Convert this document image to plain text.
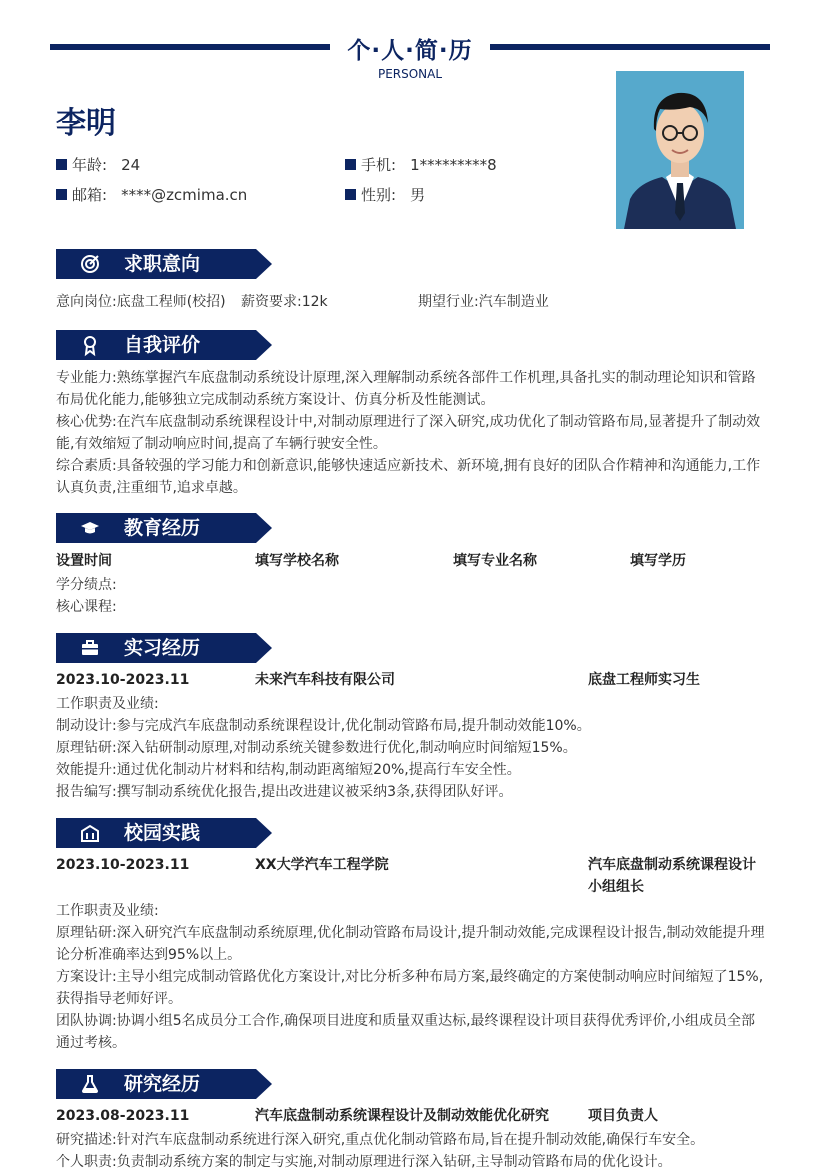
个·人·简·历
PERSONAL
李明
年龄: 24	手机: 1*********8
邮箱: ****@zcmima.cn	性别: 男
求职意向
意向岗位:底盘工程师(校招) 薪资要求:12k	期望行业:汽车制造业
自我评价
专业能力:熟练掌握汽车底盘制动系统设计原理,深入理解制动系统各部件工作机理,具备扎实的制动理论知识和管路布局优化能力,能够独立完成制动系统方案设计、仿真分析及性能测试。
核心优势:在汽车底盘制动系统课程设计中,对制动原理进行了深入研究,成功优化了制动管路布局,显著提升了制动效能,有效缩短了制动响应时间,提高了车辆行驶安全性。
综合素质:具备较强的学习能力和创新意识,能够快速适应新技术、新环境,拥有良好的团队合作精神和沟通能力,工作认真负责,注重细节,追求卓越。
教育经历
设置时间	填写学校名称	填写专业名称	填写学历
学分绩点:
核心课程:
实习经历
2023.10-2023.11	未来汽车科技有限公司	底盘工程师实习生
工作职责及业绩:
制动设计:参与完成汽车底盘制动系统课程设计,优化制动管路布局,提升制动效能10%。
原理钻研:深入钻研制动原理,对制动系统关键参数进行优化,制动响应时间缩短15%。
效能提升:通过优化制动片材料和结构,制动距离缩短20%,提高行车安全性。
报告编写:撰写制动系统优化报告,提出改进建议被采纳3条,获得团队好评。
校园实践
2023.10-2023.11	XX大学汽车工程学院	汽车底盘制动系统课程设计小组组长
工作职责及业绩:
原理钻研:深入研究汽车底盘制动系统原理,优化制动管路布局设计,提升制动效能,完成课程设计报告,制动效能提升理论分析准确率达到95%以上。
方案设计:主导小组完成制动管路优化方案设计,对比分析多种布局方案,最终确定的方案使制动响应时间缩短了15%,获得指导老师好评。
团队协调:协调小组5名成员分工合作,确保项目进度和质量双重达标,最终课程设计项目获得优秀评价,小组成员全部通过考核。
研究经历
2023.08-2023.11	汽车底盘制动系统课程设计及制动效能优化研究	项目负责人
研究描述:针对汽车底盘制动系统进行深入研究,重点优化制动管路布局,旨在提升制动效能,确保行车安全。
个人职责:负责制动系统方案的制定与实施,对制动原理进行深入钻研,主导制动管路布局的优化设计。
